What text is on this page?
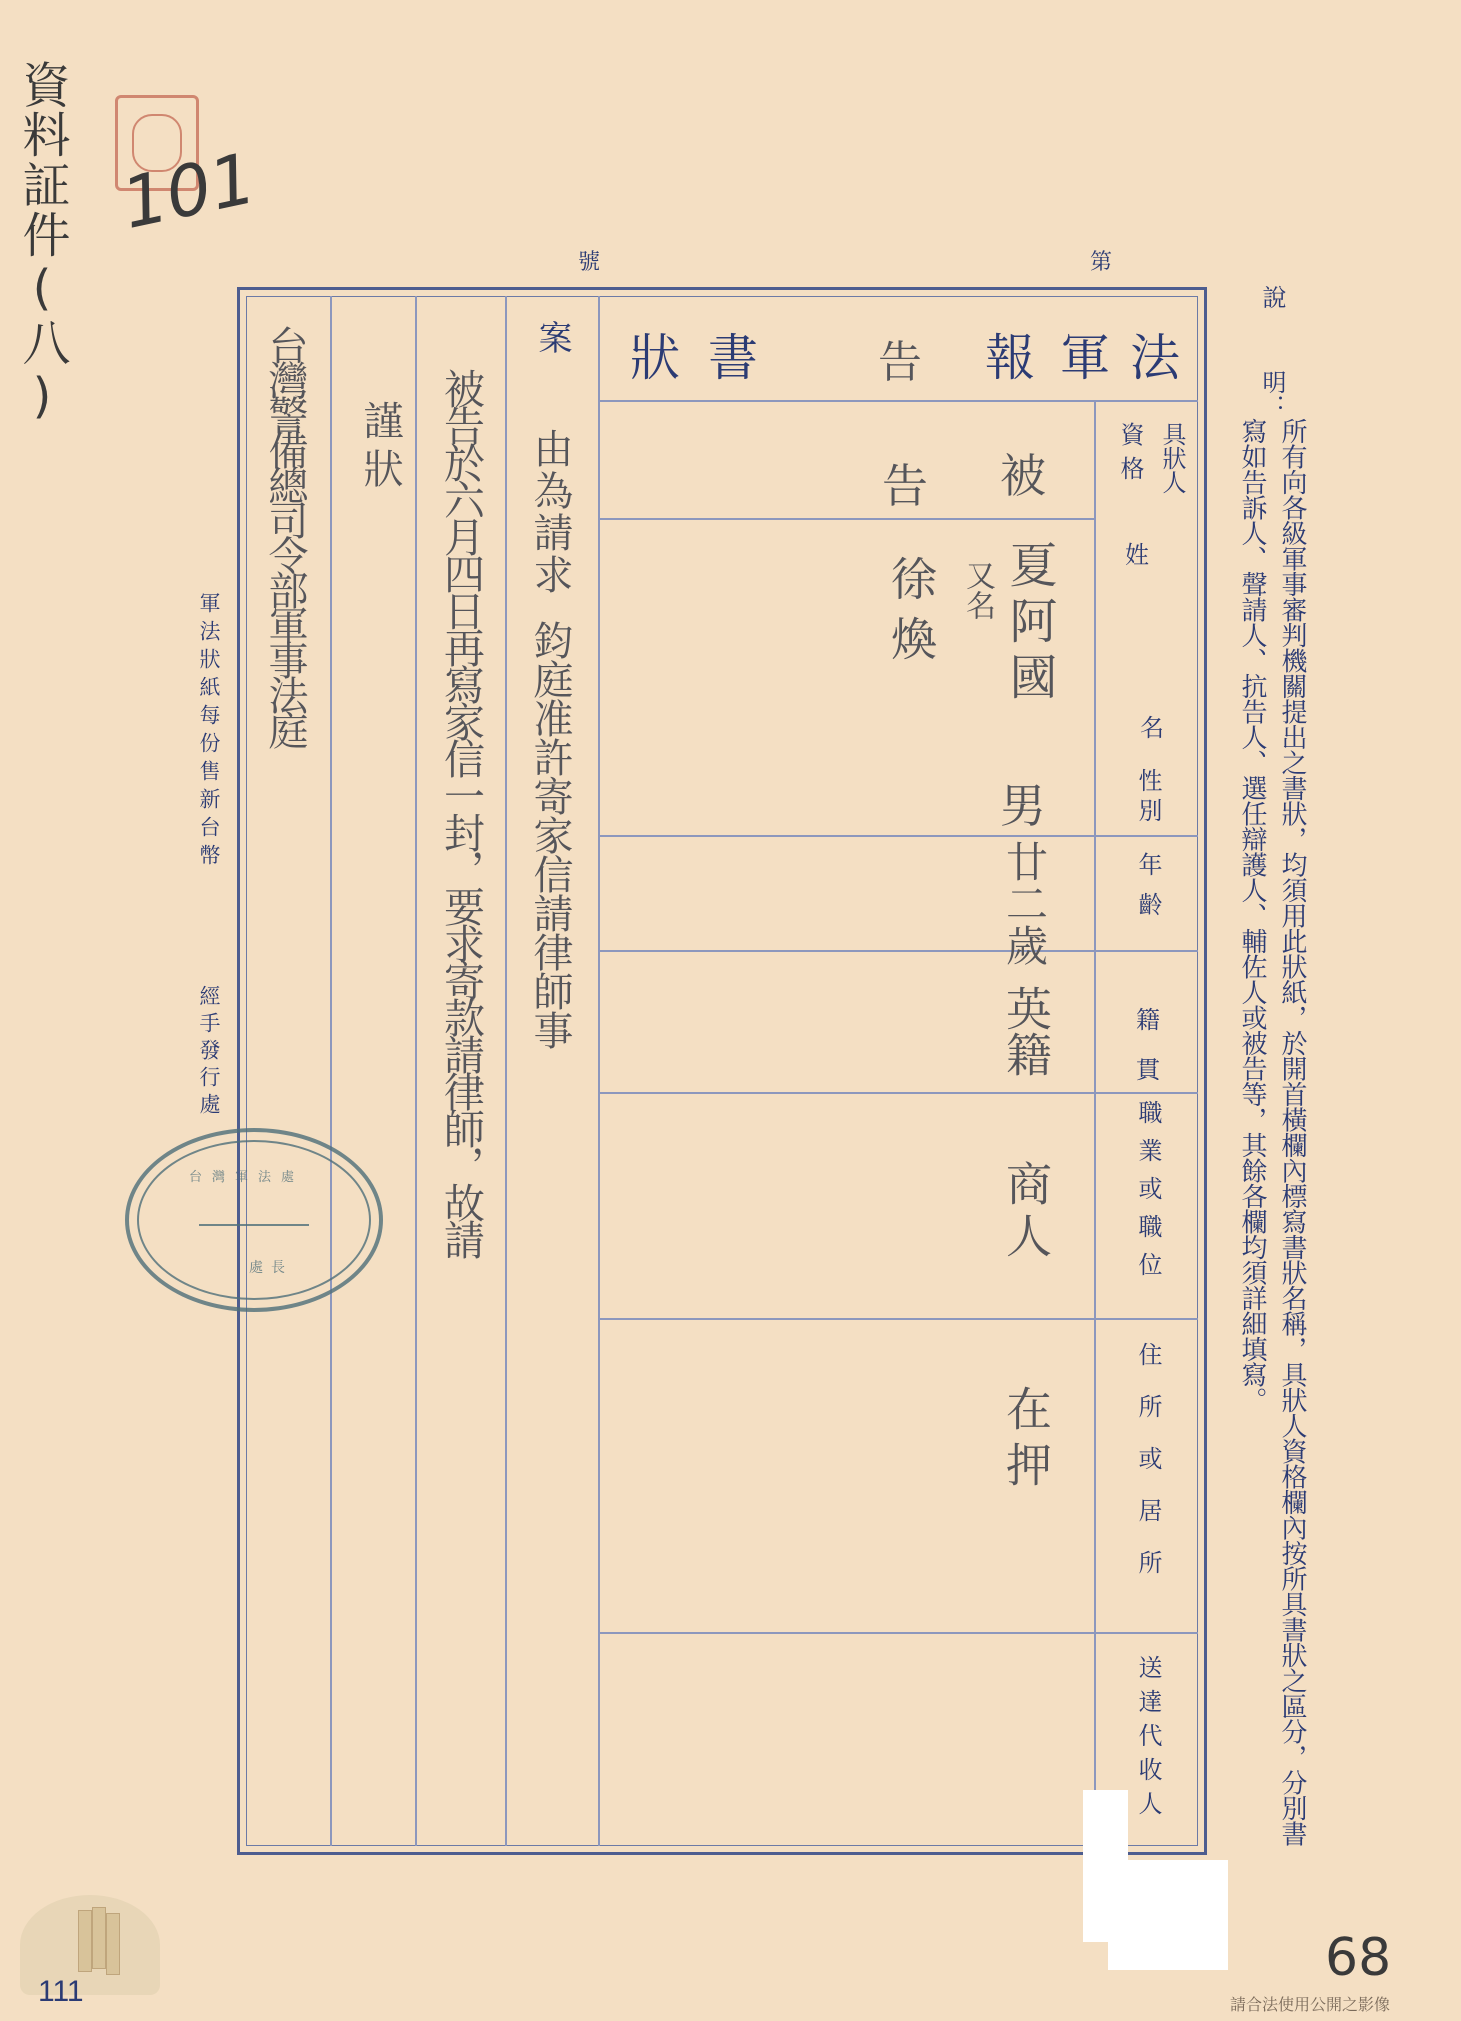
資料証件(八) 101
號	第
案 狀書	報 軍法
告
具狀人
資格
姓
名
性別
年齡
籍
貫
職業或職位
住所或居所
送達代收人
被
告
夏阿國
又名
徐煥
男
廿二歲
英籍
商人
在押
由為請求
鈞庭准許寄家信請律師事
被告於六月四日再寫家信一封，要求寄款請律師，故請
謹狀
台灣警備總司令部軍事法庭
說
明：
所有向各級軍事審判機關提出之書狀，均須用此狀紙，於開首橫欄內標寫書狀名稱，具狀人資格欄內按所具書狀之區分，分別書寫如告訴人、聲請人、抗告人、選任辯護人、輔佐人或被告等，其餘各欄均須詳細填寫。
軍法狀紙每份售新台幣
經手發行處
台灣軍法處
處長
111
68
請合法使用公開之影像
